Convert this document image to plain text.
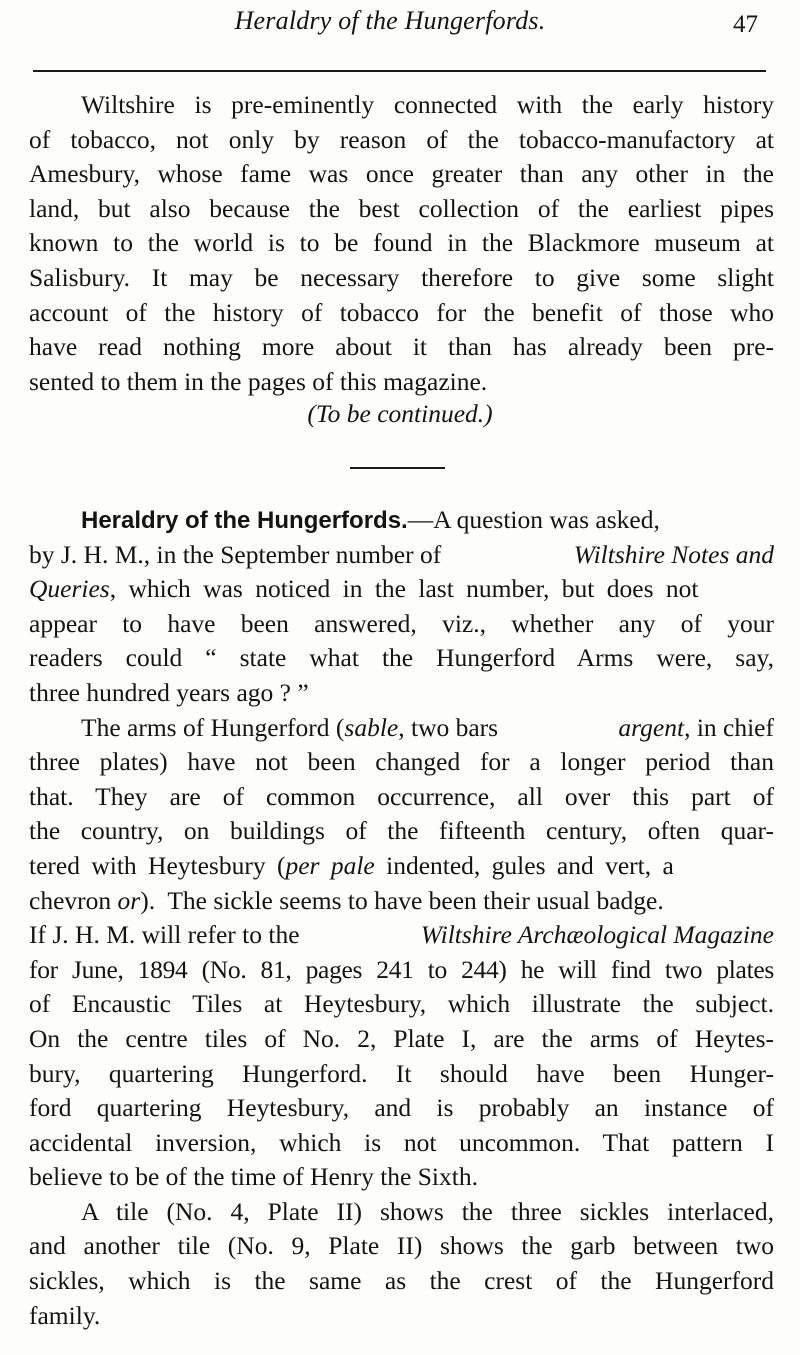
Heraldry of the Hungerfords.	47
Wiltshire is pre-eminently connected with the early history
of tobacco, not only by reason of the tobacco-manufactory at
Amesbury, whose fame was once greater than any other in the
land, but also because the best collection of the earliest pipes
known to the world is to be found in the Blackmore museum at
Salisbury. It may be necessary therefore to give some slight
account of the history of tobacco for the benefit of those who
have read nothing more about it than has already been pre-
sented to them in the pages of this magazine.
(To be continued.)
Heraldry of the Hungerfords.—A question was asked,
by J. H. M., in the September number of	Wiltshire Notes and
Queries , which was noticed in the last number, but does not
appear to have been answered, viz., whether any of your
readers could “ state what the Hungerford Arms were, say,
three hundred years ago ? ”
The arms of Hungerford (sable, two bars	argent, in chief
three plates) have not been changed for a longer period than
that. They are of common occurrence, all over this part of
the country, on buildings of the fifteenth century, often quar-
tered with Heytesbury ( per pale indented, gules and vert, a
chevron
or ).  The sickle seems to have been their usual badge.
If J. H. M. will refer to the	Wiltshire Archæological Magazine
for June, 1894 (No. 81, pages 241 to 244) he will find two plates
of Encaustic Tiles at Heytesbury, which illustrate the subject.
On the centre tiles of No. 2, Plate I, are the arms of Heytes-
bury, quartering Hungerford. It should have been Hunger-
ford quartering Heytesbury, and is probably an instance of
accidental inversion, which is not uncommon. That pattern I
believe to be of the time of Henry the Sixth.
A tile (No. 4, Plate II) shows the three sickles interlaced,
and another tile (No. 9, Plate II) shows the garb between two
sickles, which is the same as the crest of the Hungerford
family.
